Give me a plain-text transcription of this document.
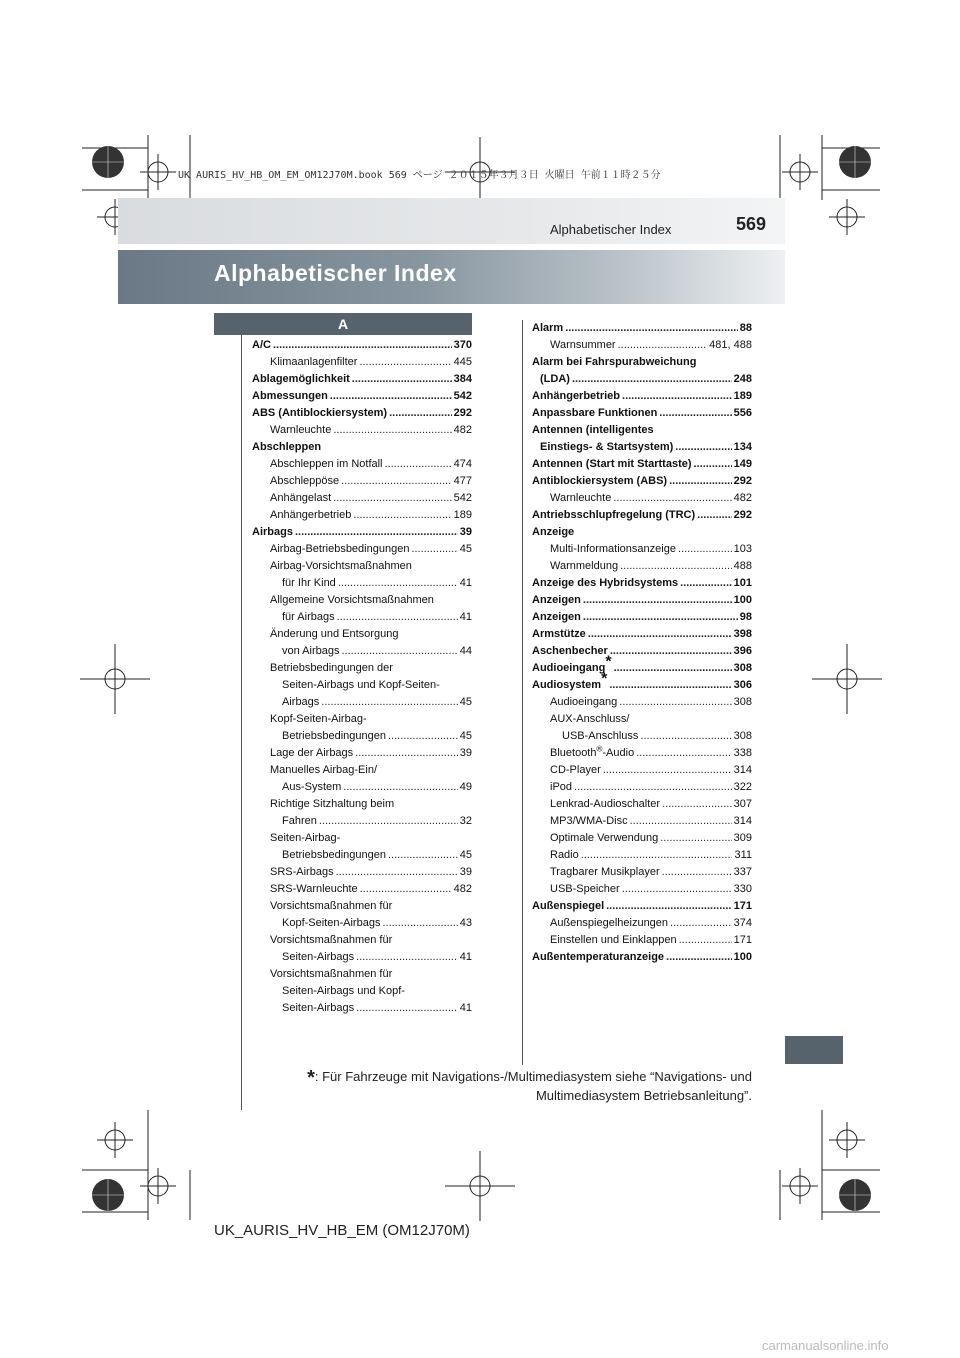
UK AURIS_HV_HB_OM_EM_OM12J70M.book 569 ページ ２０１５年３月３日 火曜日 午前１１時２５分
Alphabetischer Index	569
Alphabetischer Index
A
A/C .....	370
Klimaanlagenfilter .....	445
Ablagemöglichkeit .....	384
Abmessungen .....	542
ABS (Antiblockiersystem) .....	292
Warnleuchte .....	482
Abschleppen
Abschleppen im Notfall .....	474
Abschleppöse .....	477
Anhängelast .....	542
Anhängerbetrieb .....	189
Airbags .....	39
Airbag-Betriebsbedingungen .....	45
Airbag-Vorsichtsmaßnahmen
für Ihr Kind .....	41
Allgemeine Vorsichtsmaßnahmen
für Airbags .....	41
Änderung und Entsorgung
von Airbags .....	44
Betriebsbedingungen der
Seiten-Airbags und Kopf-Seiten-
Airbags .....	45
Kopf-Seiten-Airbag-
Betriebsbedingungen .....	45
Lage der Airbags .....	39
Manuelles Airbag-Ein/
Aus-System .....	49
Richtige Sitzhaltung beim
Fahren .....	32
Seiten-Airbag-
Betriebsbedingungen .....	45
SRS-Airbags .....	39
SRS-Warnleuchte .....	482
Vorsichtsmaßnahmen für
Kopf-Seiten-Airbags .....	43
Vorsichtsmaßnahmen für
Seiten-Airbags .....	41
Vorsichtsmaßnahmen für
Seiten-Airbags und Kopf-
Seiten-Airbags .....	41
Alarm .....	88
Warnsummer .....	481, 488
Alarm bei Fahrspurabweichung
(LDA) .....	248
Anhängerbetrieb .....	189
Anpassbare Funktionen .....	556
Antennen (intelligentes
Einstiegs- & Startsystem) .....	134
Antennen (Start mit Starttaste) .....	149
Antiblockiersystem (ABS) .....	292
Warnleuchte .....	482
Antriebsschlupfregelung (TRC) .....	292
Anzeige
Multi-Informationsanzeige .....	103
Warnmeldung .....	488
Anzeige des Hybridsystems .....	101
Anzeigen .....	100
Anzeigen .....	98
Armstütze .....	398
Aschenbecher .....	396
Audioeingang* .....	308
Audiosystem* .....	306
Audioeingang .....	308
AUX-Anschluss/
USB-Anschluss .....	308
Bluetooth®-Audio .....	338
CD-Player .....	314
iPod .....	322
Lenkrad-Audioschalter .....	307
MP3/WMA-Disc .....	314
Optimale Verwendung .....	309
Radio .....	311
Tragbarer Musikplayer .....	337
USB-Speicher .....	330
Außenspiegel .....	171
Außenspiegelheizungen .....	374
Einstellen und Einklappen .....	171
Außentemperaturanzeige .....	100
*: Für Fahrzeuge mit Navigations-/Multimediasystem siehe “Navigations- und
Multimediasystem Betriebsanleitung”.
UK_AURIS_HV_HB_EM (OM12J70M)
carmanualsonline.info
